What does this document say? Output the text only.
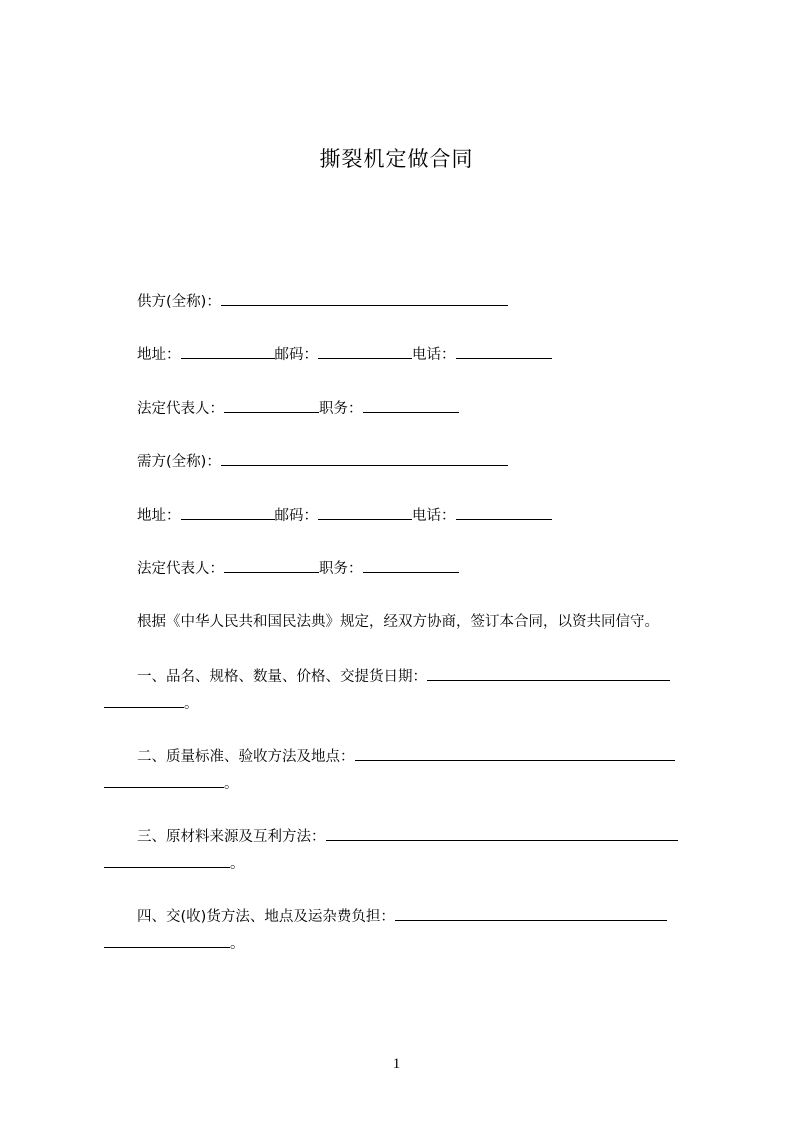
撕裂机定做合同
供方(全称)：
地址：	邮码：	电话：
法定代表人：	职务：
需方(全称)：
地址：	邮码：	电话：
法定代表人：	职务：
根据《中华人民共和国民法典》规定，经双方协商，签订本合同，以资共同信守。
一、品名、规格、数量、价格、交提货日期：
。
二、质量标准、验收方法及地点：
。
三、原材料来源及互利方法：
。
四、交(收)货方法、地点及运杂费负担：
。
1
